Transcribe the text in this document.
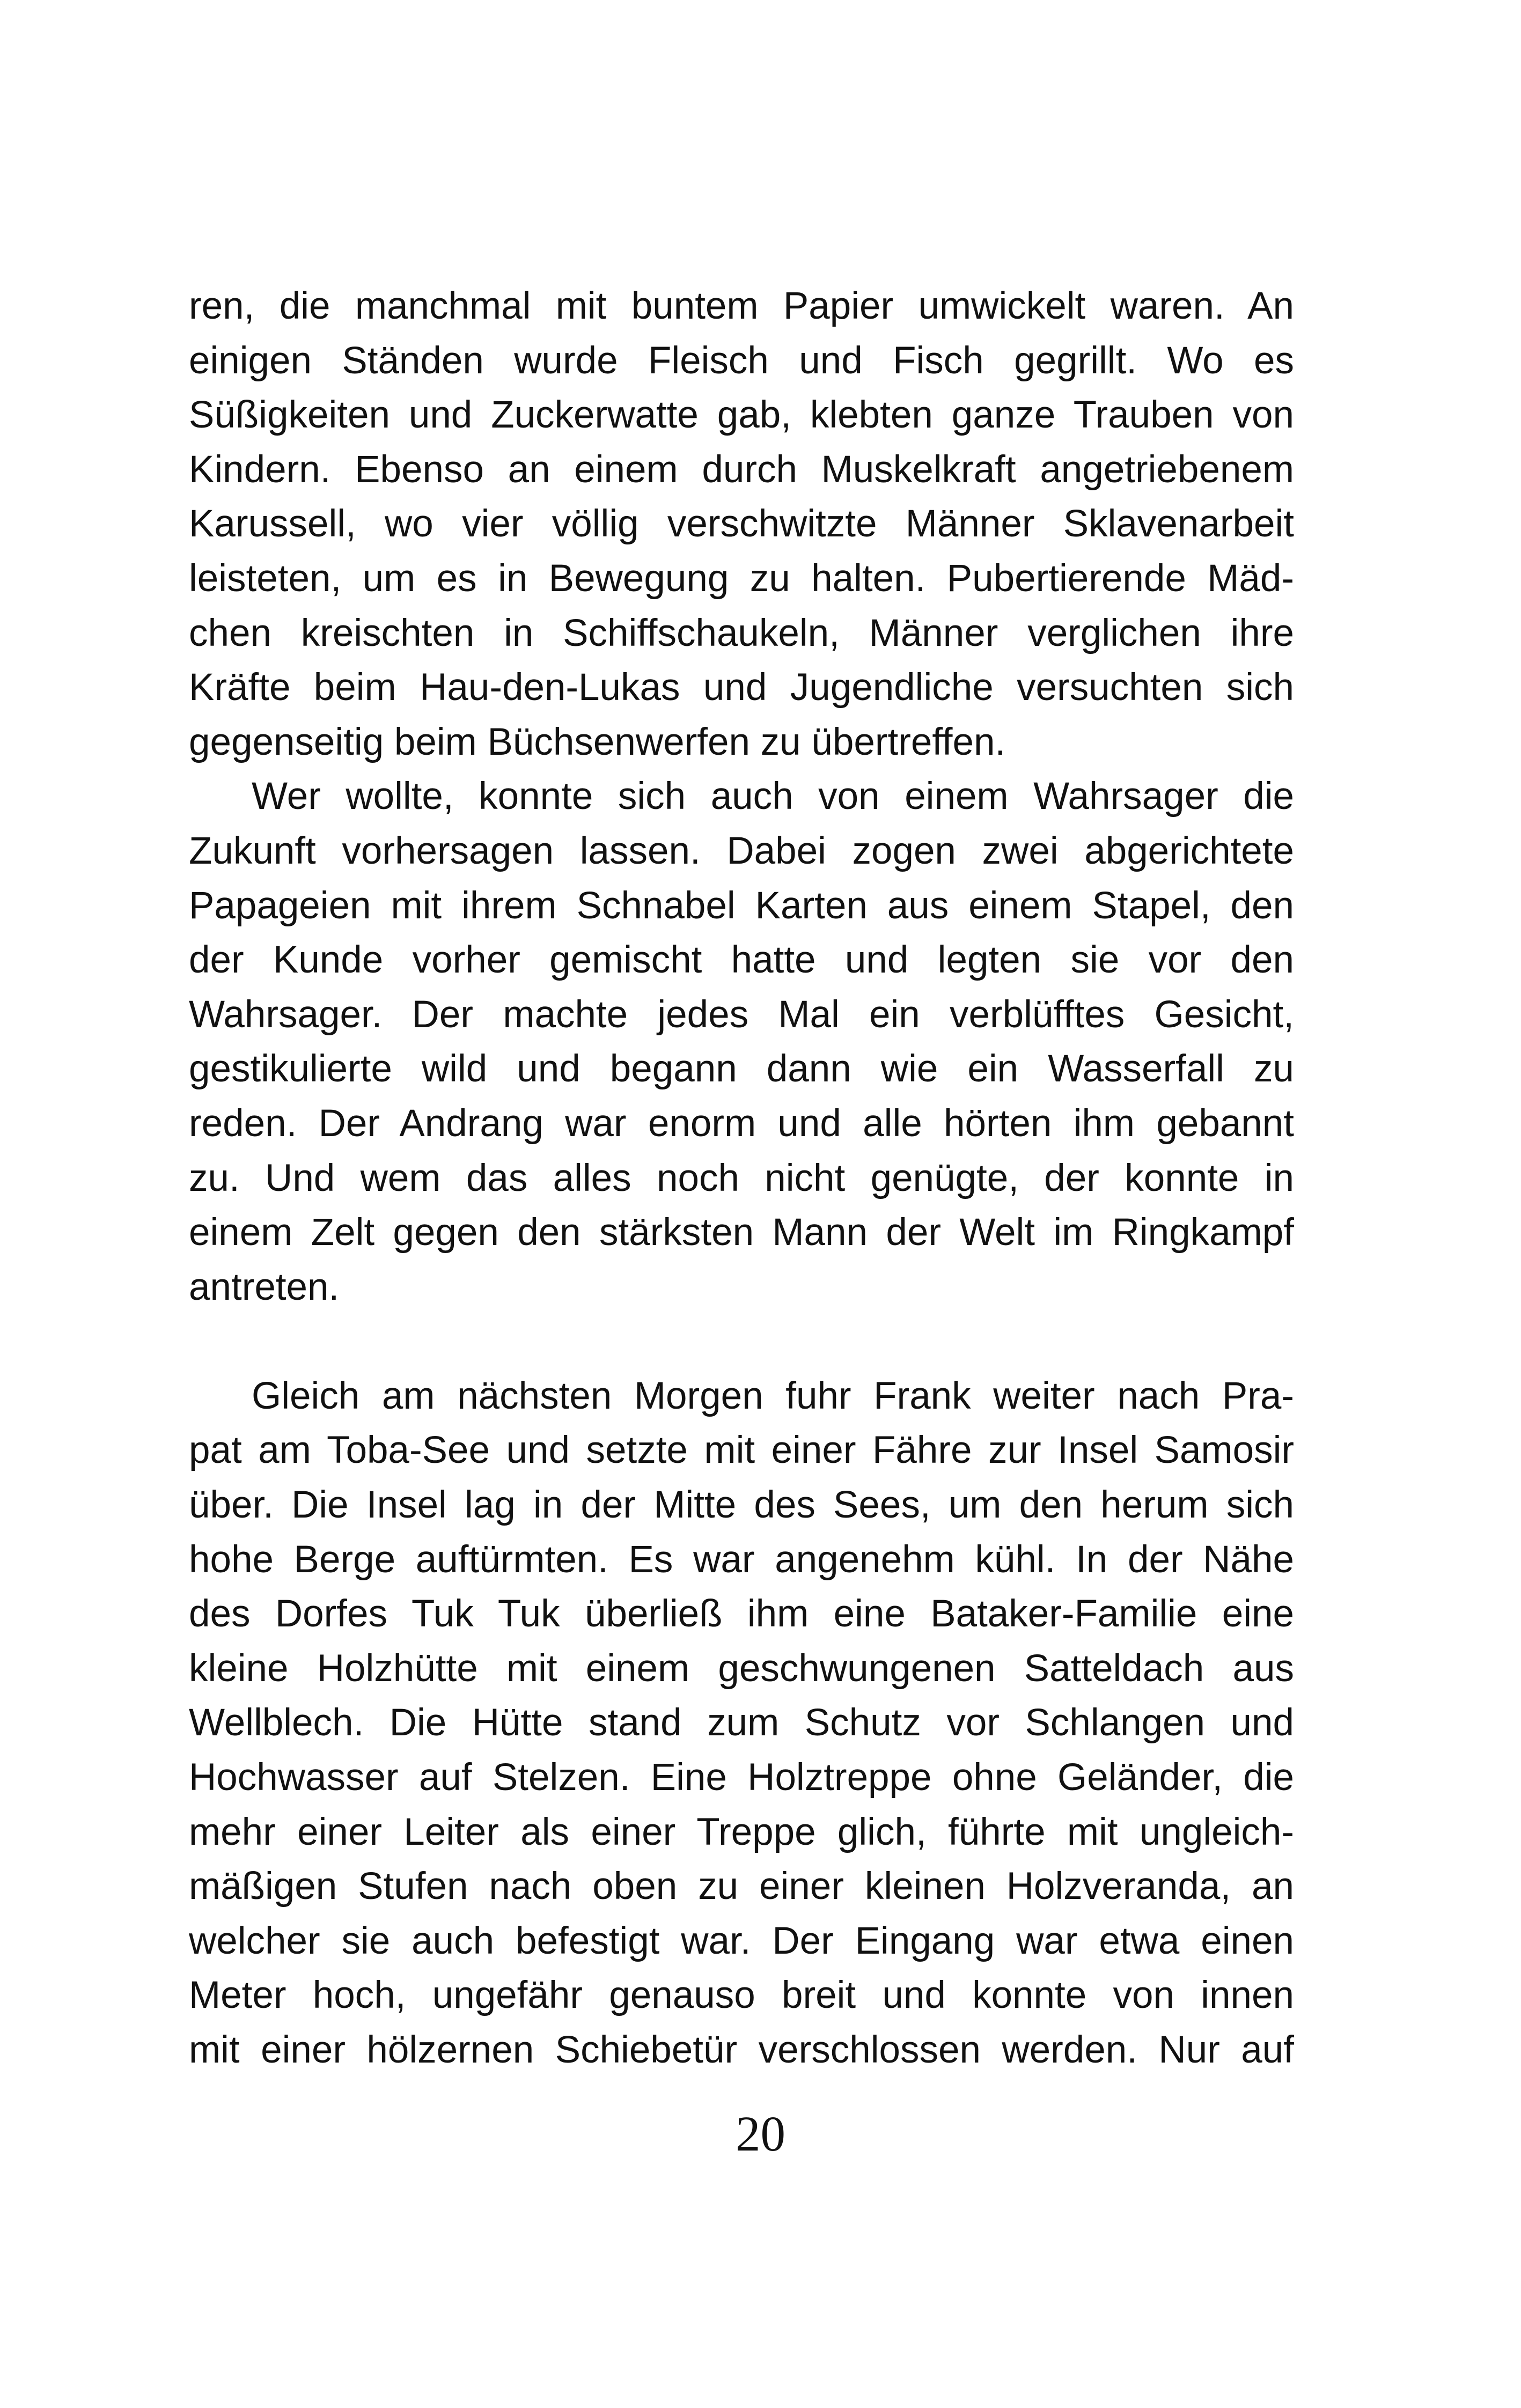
ren, die manchmal mit buntem Papier umwickelt waren. An
einigen Ständen wurde Fleisch und Fisch gegrillt. Wo es
Süßigkeiten und Zuckerwatte gab, klebten ganze Trauben von
Kindern. Ebenso an einem durch Muskelkraft angetriebenem
Karussell, wo vier völlig verschwitzte Männer Sklavenarbeit
leisteten, um es in Bewegung zu halten. Pubertierende Mäd-
chen kreischten in Schiffschaukeln, Männer verglichen ihre
Kräfte beim Hau-den-Lukas und Jugendliche versuchten sich
gegenseitig beim Büchsenwerfen zu übertreffen.
Wer wollte, konnte sich auch von einem Wahrsager die
Zukunft vorhersagen lassen. Dabei zogen zwei abgerichtete
Papageien mit ihrem Schnabel Karten aus einem Stapel, den
der Kunde vorher gemischt hatte und legten sie vor den
Wahrsager. Der machte jedes Mal ein verblüfftes Gesicht,
gestikulierte wild und begann dann wie ein Wasserfall zu
reden. Der Andrang war enorm und alle hörten ihm gebannt
zu. Und wem das alles noch nicht genügte, der konnte in
einem Zelt gegen den stärksten Mann der Welt im Ringkampf
antreten.
Gleich am nächsten Morgen fuhr Frank weiter nach Pra-
pat am Toba-See und setzte mit einer Fähre zur Insel Samosir
über. Die Insel lag in der Mitte des Sees, um den herum sich
hohe Berge auftürmten. Es war angenehm kühl. In der Nähe
des Dorfes Tuk Tuk überließ ihm eine Bataker-Familie eine
kleine Holzhütte mit einem geschwungenen Satteldach aus
Wellblech. Die Hütte stand zum Schutz vor Schlangen und
Hochwasser auf Stelzen. Eine Holztreppe ohne Geländer, die
mehr einer Leiter als einer Treppe glich, führte mit ungleich-
mäßigen Stufen nach oben zu einer kleinen Holzveranda, an
welcher sie auch befestigt war. Der Eingang war etwa einen
Meter hoch, ungefähr genauso breit und konnte von innen
mit einer hölzernen Schiebetür verschlossen werden. Nur auf
20
